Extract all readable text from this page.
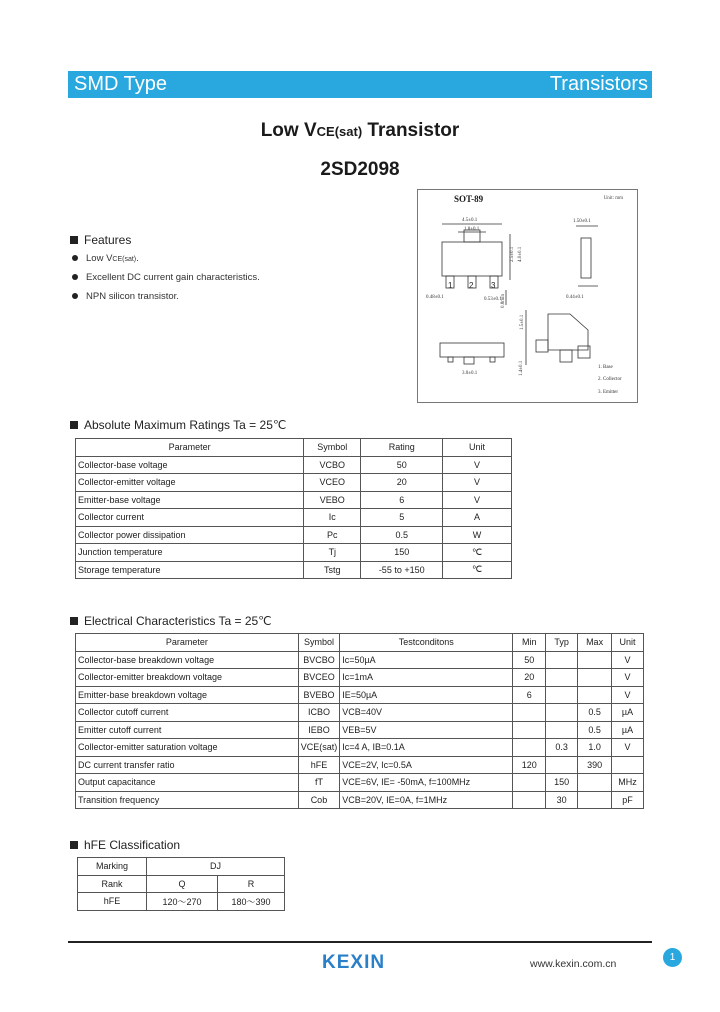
SMD Type	Transistors
Low VCE(sat) Transistor
2SD2098
Features
Low VCE(sat).
Excellent DC current gain characteristics.
NPN silicon transistor.
SOT-89	Unit: mm
4.5±0.1
1.8±0.1
2.5±0.1 4.0±0.1
1.50±0.1
0.48±0.1	0.53±0.1	0.44±0.1
0.8min
1.5±0.1
1.4±0.1
3.0±0.1
1 2 3
1. Base
2. Collector
3. Emitter
Absolute Maximum Ratings Ta = 25℃
Parameter	Symbol	Rating	Unit
Collector-base voltage	VCBO	50	V
Collector-emitter voltage	VCEO	20	V
Emitter-base voltage	VEBO	6	V
Collector current	Ic	5	A
Collector power dissipation	Pc	0.5	W
Junction temperature	Tj	150	℃
Storage temperature	Tstg	-55 to +150	℃
Electrical Characteristics Ta = 25℃
Parameter	Symbol	Testconditons	Min	Typ	Max	Unit
Collector-base breakdown voltage	BVCBO	Ic=50µA	50			V
Collector-emitter breakdown voltage	BVCEO	Ic=1mA	20			V
Emitter-base breakdown voltage	BVEBO	IE=50µA	6			V
Collector cutoff current	ICBO	VCB=40V			0.5	µA
Emitter cutoff current	IEBO	VEB=5V			0.5	µA
Collector-emitter saturation voltage	VCE(sat)	Ic=4 A, IB=0.1A		0.3	1.0	V
DC current transfer ratio	hFE	VCE=2V, Ic=0.5A	120		390	
Output capacitance	fT	VCE=6V, IE= -50mA, f=100MHz		150		MHz
Transition frequency	Cob	VCB=20V, IE=0A, f=1MHz		30		pF
hFE Classification
Marking	DJ	
Rank	Q	R
hFE	120～270	180～390
KEXIN	www.kexin.com.cn
1
